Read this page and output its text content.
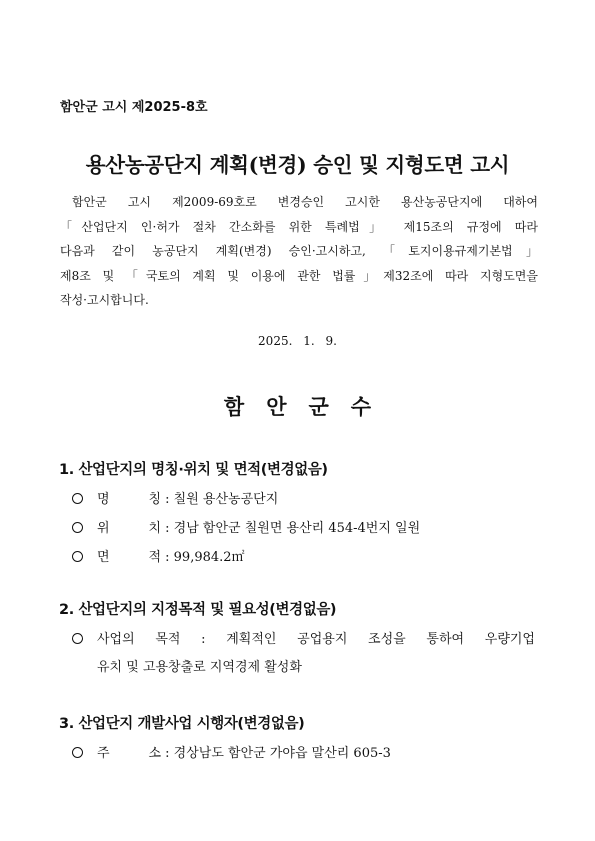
함안군 고시 제2025-8호
용산농공단지 계획(변경) 승인 및 지형도면 고시

함안군 고시 제2009-69호로 변경승인 고시한 용산농공단지에 대하여

「산업단지 인·허가 절차 간소화를 위한 특례법」 제15조의 규정에 따라

다음과 같이 농공단지 계획(변경) 승인·고시하고, 「토지이용규제기본법」

제8조 및 「국토의 계획 및 이용에 관한 법률」제32조에 따라 지형도면을

작성·고시합니다.

2025. 1. 9.
함안군수
1. 산업단지의 명칭·위치 및 면적(변경없음)
명 칭 : 칠원 용산농공단지
위 치 : 경남 함안군 칠원면 용산리 454-4번지 일원
면 적 : 99,984.2㎡
2. 산업단지의 지정목적 및 필요성(변경없음)
사업의 목적 : 계획적인 공업용지 조성을 통하여 우량기업
유치 및 고용창출로 지역경제 활성화
3. 산업단지 개발사업 시행자(변경없음)
주 소 : 경상남도 함안군 가야읍 말산리 605-3
